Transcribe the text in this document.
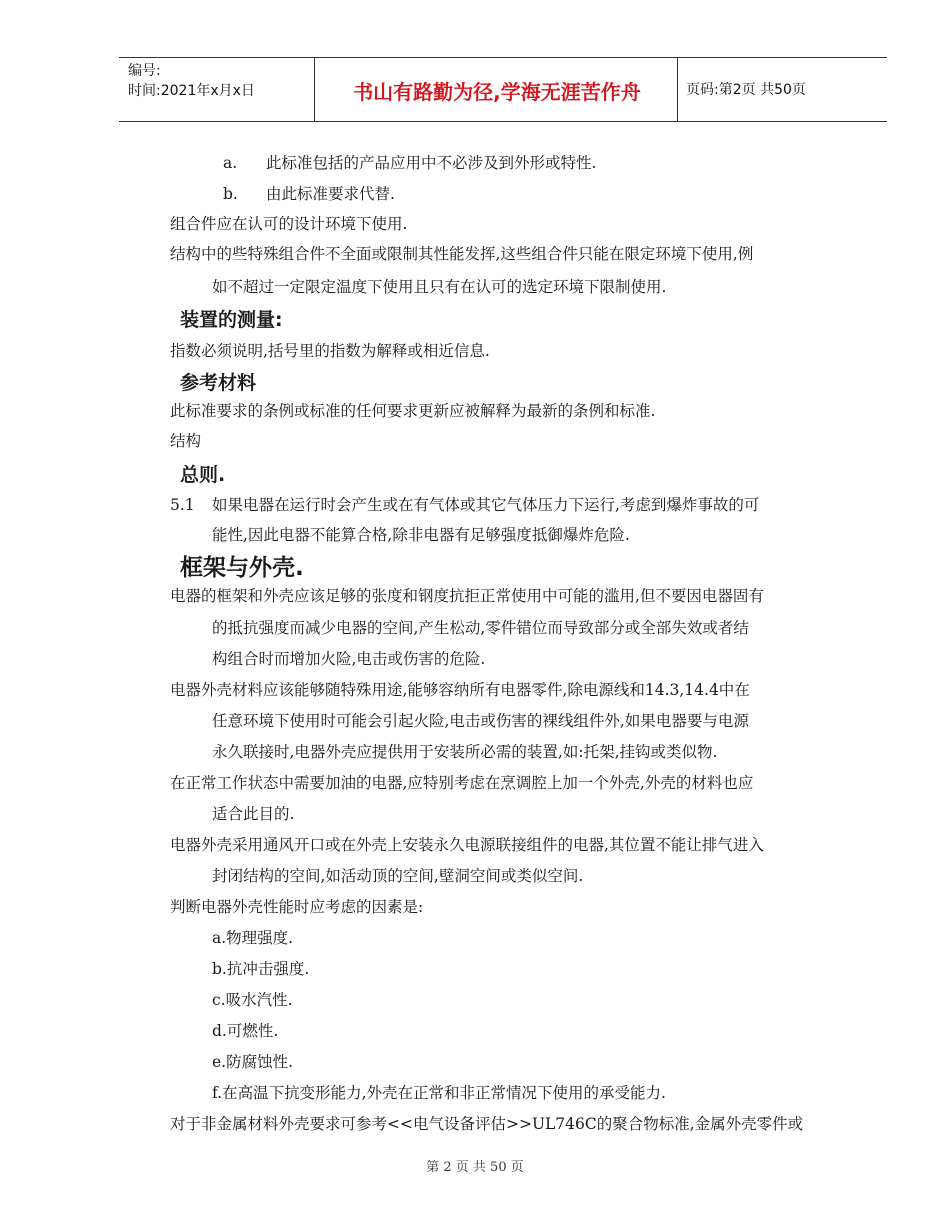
编号:
时间:2021年x月x日	书山有路勤为径,学海无涯苦作舟	页码:第2页 共50页
a. 此标准包括的产品应用中不必涉及到外形或特性.
b. 由此标准要求代替.
组合件应在认可的设计环境下使用.
结构中的些特殊组合件不全面或限制其性能发挥,这些组合件只能在限定环境下使用,例
如不超过一定限定温度下使用且只有在认可的选定环境下限制使用.
装置的测量:
指数必须说明,括号里的指数为解释或相近信息.
参考材料
此标准要求的条例或标准的任何要求更新应被解释为最新的条例和标准.
结构
总则.
5.1 如果电器在运行时会产生或在有气体或其它气体压力下运行,考虑到爆炸事故的可
能性,因此电器不能算合格,除非电器有足够强度抵御爆炸危险.
框架与外壳.
电器的框架和外壳应该足够的张度和钢度抗拒正常使用中可能的滥用,但不要因电器固有
的抵抗强度而减少电器的空间,产生松动,零件错位而导致部分或全部失效或者结
构组合时而增加火险,电击或伤害的危险.
电器外壳材料应该能够随特殊用途,能够容纳所有电器零件,除电源线和14.3,14.4中在
任意环境下使用时可能会引起火险,电击或伤害的裸线组件外,如果电器要与电源
永久联接时,电器外壳应提供用于安装所必需的装置,如:托架,挂钩或类似物.
在正常工作状态中需要加油的电器,应特别考虑在烹调腔上加一个外壳,外壳的材料也应
适合此目的.
电器外壳采用通风开口或在外壳上安装永久电源联接组件的电器,其位置不能让排气进入
封闭结构的空间,如活动顶的空间,壁洞空间或类似空间.
判断电器外壳性能时应考虑的因素是:
a.物理强度.
b.抗冲击强度.
c.吸水汽性.
d.可燃性.
e.防腐蚀性.
f.在高温下抗变形能力,外壳在正常和非正常情况下使用的承受能力.
对于非金属材料外壳要求可参考<<电气设备评估>>UL746C的聚合物标准,金属外壳零件或
第 2 页 共 50 页
